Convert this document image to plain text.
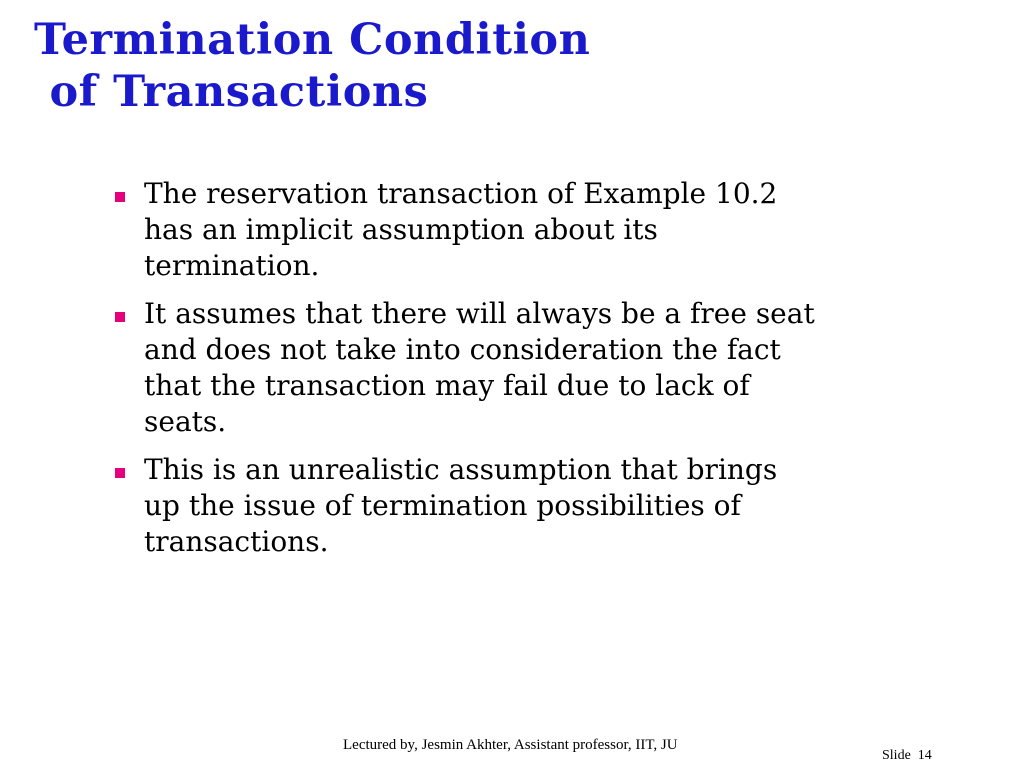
Termination Condition
of Transactions
The reservation transaction of Example 10.2
has an implicit assumption about its
termination.
It assumes that there will always be a free seat
and does not take into consideration the fact
that the transaction may fail due to lack of
seats.
This is an unrealistic assumption that brings
up the issue of termination possibilities of
transactions.
Lectured by, Jesmin Akhter, Assistant professor, IIT, JU
Slide 14
